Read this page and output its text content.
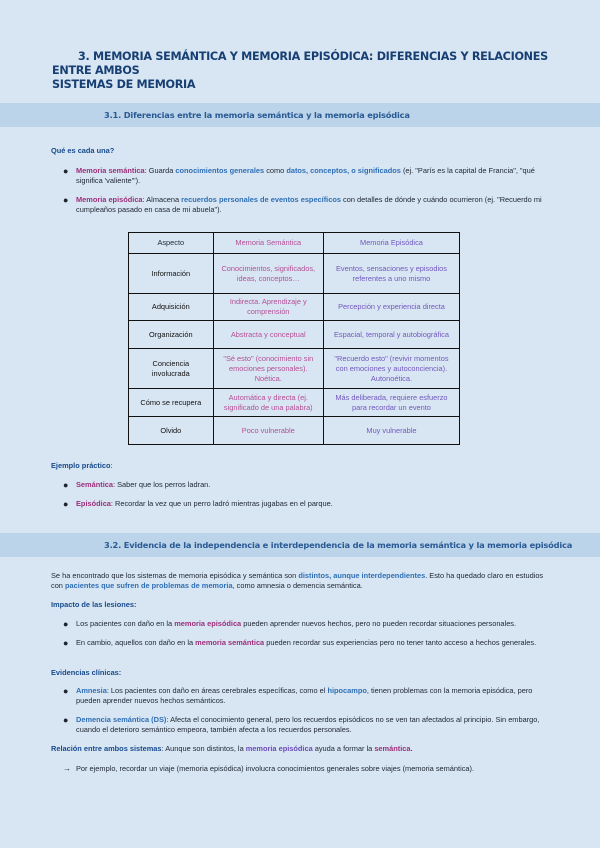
3. MEMORIA SEMÁNTICA Y MEMORIA EPISÓDICA: DIFERENCIAS Y RELACIONES ENTRE AMBOS
SISTEMAS DE MEMORIA
3.1. Diferencias entre la memoria semántica y la memoria episódica
Qué es cada una?
● Memoria semántica: Guarda conocimientos generales como datos, conceptos, o significados (ej. "París es la capital de Francia", "qué significa 'valiente'").
● Memoria episódica: Almacena recuerdos personales de eventos específicos con detalles de dónde y cuándo ocurrieron (ej. "Recuerdo mi cumpleaños pasado en casa de mi abuela").
Aspecto	Memoria Semántica	Memoria Episódica
Información	Conocimientos, significados, ideas, conceptos…	Eventos, sensaciones y episodios referentes a uno mismo
Adquisición	Indirecta. Aprendizaje y comprensión	Percepción y experiencia directa
Organización	Abstracta y conceptual	Espacial, temporal y autobiográfica
Conciencia involucrada	"Sé esto" (conocimiento sin emociones personales). Noética.	"Recuerdo esto" (revivir momentos con emociones y autoconciencia). Autonoética.
Cómo se recupera	Automática y directa (ej. significado de una palabra)	Más deliberada, requiere esfuerzo para recordar un evento
Olvido	Poco vulnerable	Muy vulnerable
Ejemplo práctico:
● Semántica: Saber que los perros ladran.
● Episódica: Recordar la vez que un perro ladró mientras jugabas en el parque.
3.2. Evidencia de la independencia e interdependencia de la memoria semántica y la memoria episódica
Se ha encontrado que los sistemas de memoria episódica y semántica son distintos, aunque interdependientes. Esto ha quedado claro en estudios con pacientes que sufren de problemas de memoria, como amnesia o demencia semántica.
Impacto de las lesiones:
● Los pacientes con daño en la memoria episódica pueden aprender nuevos hechos, pero no pueden recordar situaciones personales.
● En cambio, aquellos con daño en la memoria semántica pueden recordar sus experiencias pero no tener tanto acceso a hechos generales.
Evidencias clínicas:
● Amnesia: Los pacientes con daño en áreas cerebrales específicas, como el hipocampo, tienen problemas con la memoria episódica, pero pueden aprender nuevos hechos semánticos.
● Demencia semántica (DS): Afecta el conocimiento general, pero los recuerdos episódicos no se ven tan afectados al principio. Sin embargo, cuando el deterioro semántico empeora, también afecta a los recuerdos personales.
Relación entre ambos sistemas: Aunque son distintos, la memoria episódica ayuda a formar la semántica.
→ Por ejemplo, recordar un viaje (memoria episódica) involucra conocimientos generales sobre viajes (memoria semántica).
